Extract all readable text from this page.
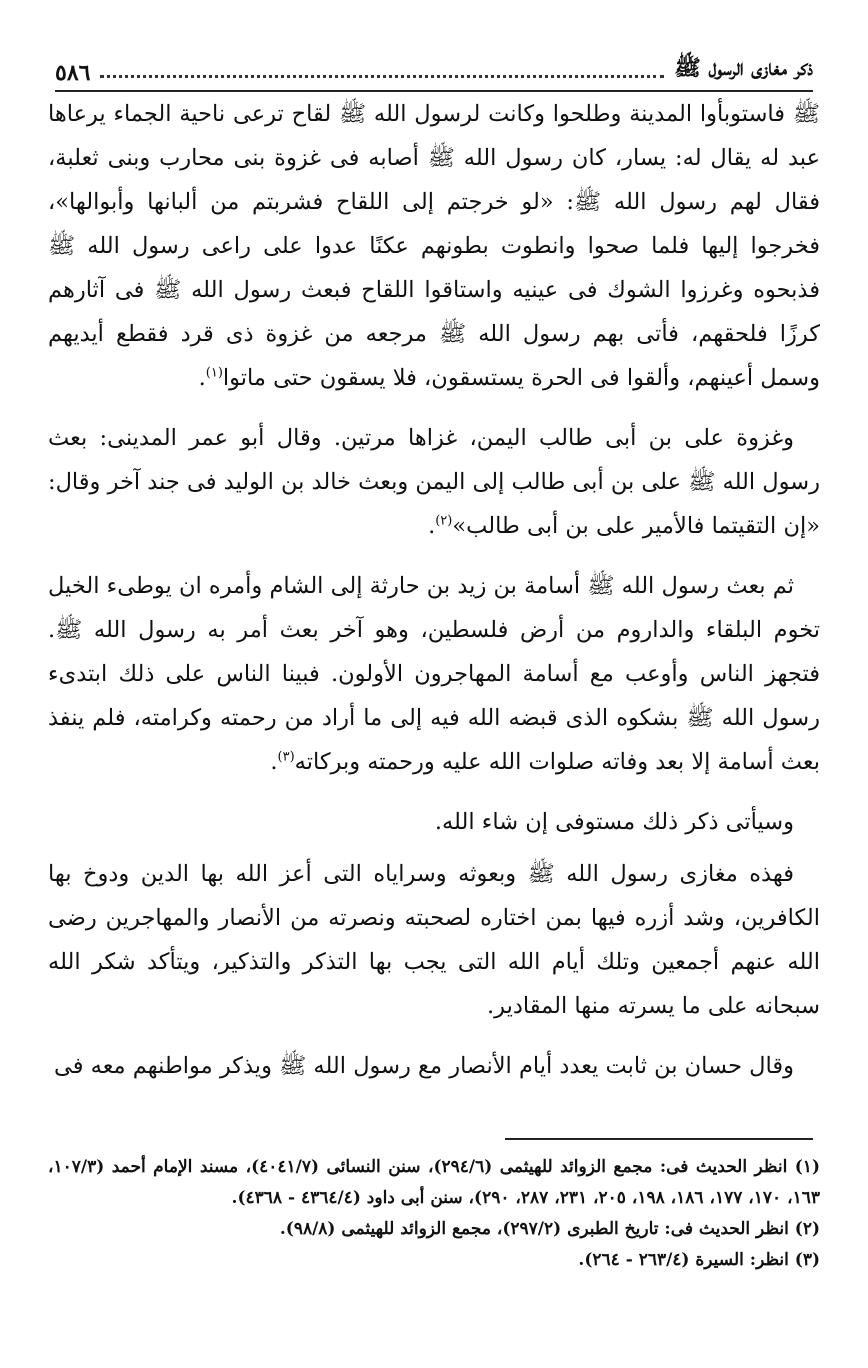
ذكر مغازى الرسول ﷺ
٥٨٦

ﷺ فاستوبأوا المدينة وطلحوا وكانت لرسول الله ﷺ لقاح ترعى ناحية الجماء يرعاها عبد له يقال له: يسار، كان رسول الله ﷺ أصابه فى غزوة بنى محارب وبنى ثعلبة، فقال لهم رسول الله ﷺ: «لو خرجتم إلى اللقاح فشربتم من ألبانها وأبوالها»، فخرجوا إليها فلما صحوا وانطوت بطونهم عكنًا عدوا على راعى رسول الله ﷺ فذبحوه وغرزوا الشوك فى عينيه واستاقوا اللقاح فبعث رسول الله ﷺ فى آثارهم كرزًا فلحقهم، فأتى بهم رسول الله ﷺ مرجعه من غزوة ذى قرد فقطع أيديهم وسمل أعينهم، وألقوا فى الحرة يستسقون، فلا يسقون حتى ماتوا$^{(١)}$.

وغزوة على بن أبى طالب اليمن، غزاها مرتين. وقال أبو عمر المدينى: بعث رسول الله ﷺ على بن أبى طالب إلى اليمن وبعث خالد بن الوليد فى جند آخر وقال: «إن التقيتما فالأمير على بن أبى طالب»$^{(٢)}$.

ثم بعث رسول الله ﷺ أسامة بن زيد بن حارثة إلى الشام وأمره ان يوطىء الخيل تخوم البلقاء والداروم من أرض فلسطين، وهو آخر بعث أمر به رسول الله ﷺ. فتجهز الناس وأوعب مع أسامة المهاجرون الأولون. فبينا الناس على ذلك ابتدىء رسول الله ﷺ بشكوه الذى قبضه الله فيه إلى ما أراد من رحمته وكرامته، فلم ينفذ بعث أسامة إلا بعد وفاته صلوات الله عليه ورحمته وبركاته$^{(٣)}$.

وسيأتى ذكر ذلك مستوفى إن شاء الله.

فهذه مغازى رسول الله ﷺ وبعوثه وسراياه التى أعز الله بها الدين ودوخ بها الكافرين، وشد أزره فيها بمن اختاره لصحبته ونصرته من الأنصار والمهاجرين رضى الله عنهم أجمعين وتلك أيام الله التى يجب بها التذكر والتذكير، ويتأكد شكر الله سبحانه على ما يسرته منها المقادير.

وقال حسان بن ثابت يعدد أيام الأنصار مع رسول الله ﷺ ويذكر مواطنهم معه فى

(١) انظر الحديث فى: مجمع الزوائد للهيثمى (٢٩٤/٦)، سنن النسائى (٤٠٤١/٧)، مسند الإمام أحمد (١٠٧/٣، ١٦٣، ١٧٠، ١٧٧، ١٨٦، ١٩٨، ٢٠٥، ٢٣١، ٢٨٧، ٢٩٠)، سنن أبى داود (٤٣٦٤/٤ - ٤٣٦٨).

(٢) انظر الحديث فى: تاريخ الطبرى (٢٩٧/٢)، مجمع الزوائد للهيثمى (٩٨/٨).

(٣) انظر: السيرة (٢٦٣/٤ - ٢٦٤).
